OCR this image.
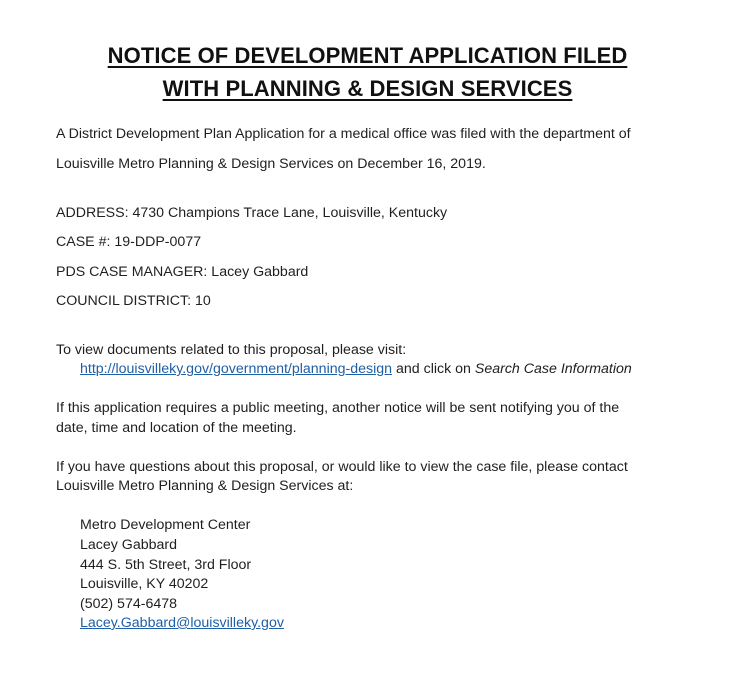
NOTICE OF DEVELOPMENT APPLICATION FILED
WITH PLANNING & DESIGN SERVICES
A District Development Plan Application for a medical office was filed with the department of
Louisville Metro Planning & Design Services on December 16, 2019.
ADDRESS: 4730 Champions Trace Lane, Louisville, Kentucky
CASE #: 19-DDP-0077
PDS CASE MANAGER: Lacey Gabbard
COUNCIL DISTRICT: 10
To view documents related to this proposal, please visit:
http://louisvilleky.gov/government/planning-design and click on Search Case Information
If this application requires a public meeting, another notice will be sent notifying you of the
date, time and location of the meeting.
If you have questions about this proposal, or would like to view the case file, please contact
Louisville Metro Planning & Design Services at:
Metro Development Center
Lacey Gabbard
444 S. 5th Street, 3rd Floor
Louisville, KY 40202
(502) 574-6478
Lacey.Gabbard@louisvilleky.gov
